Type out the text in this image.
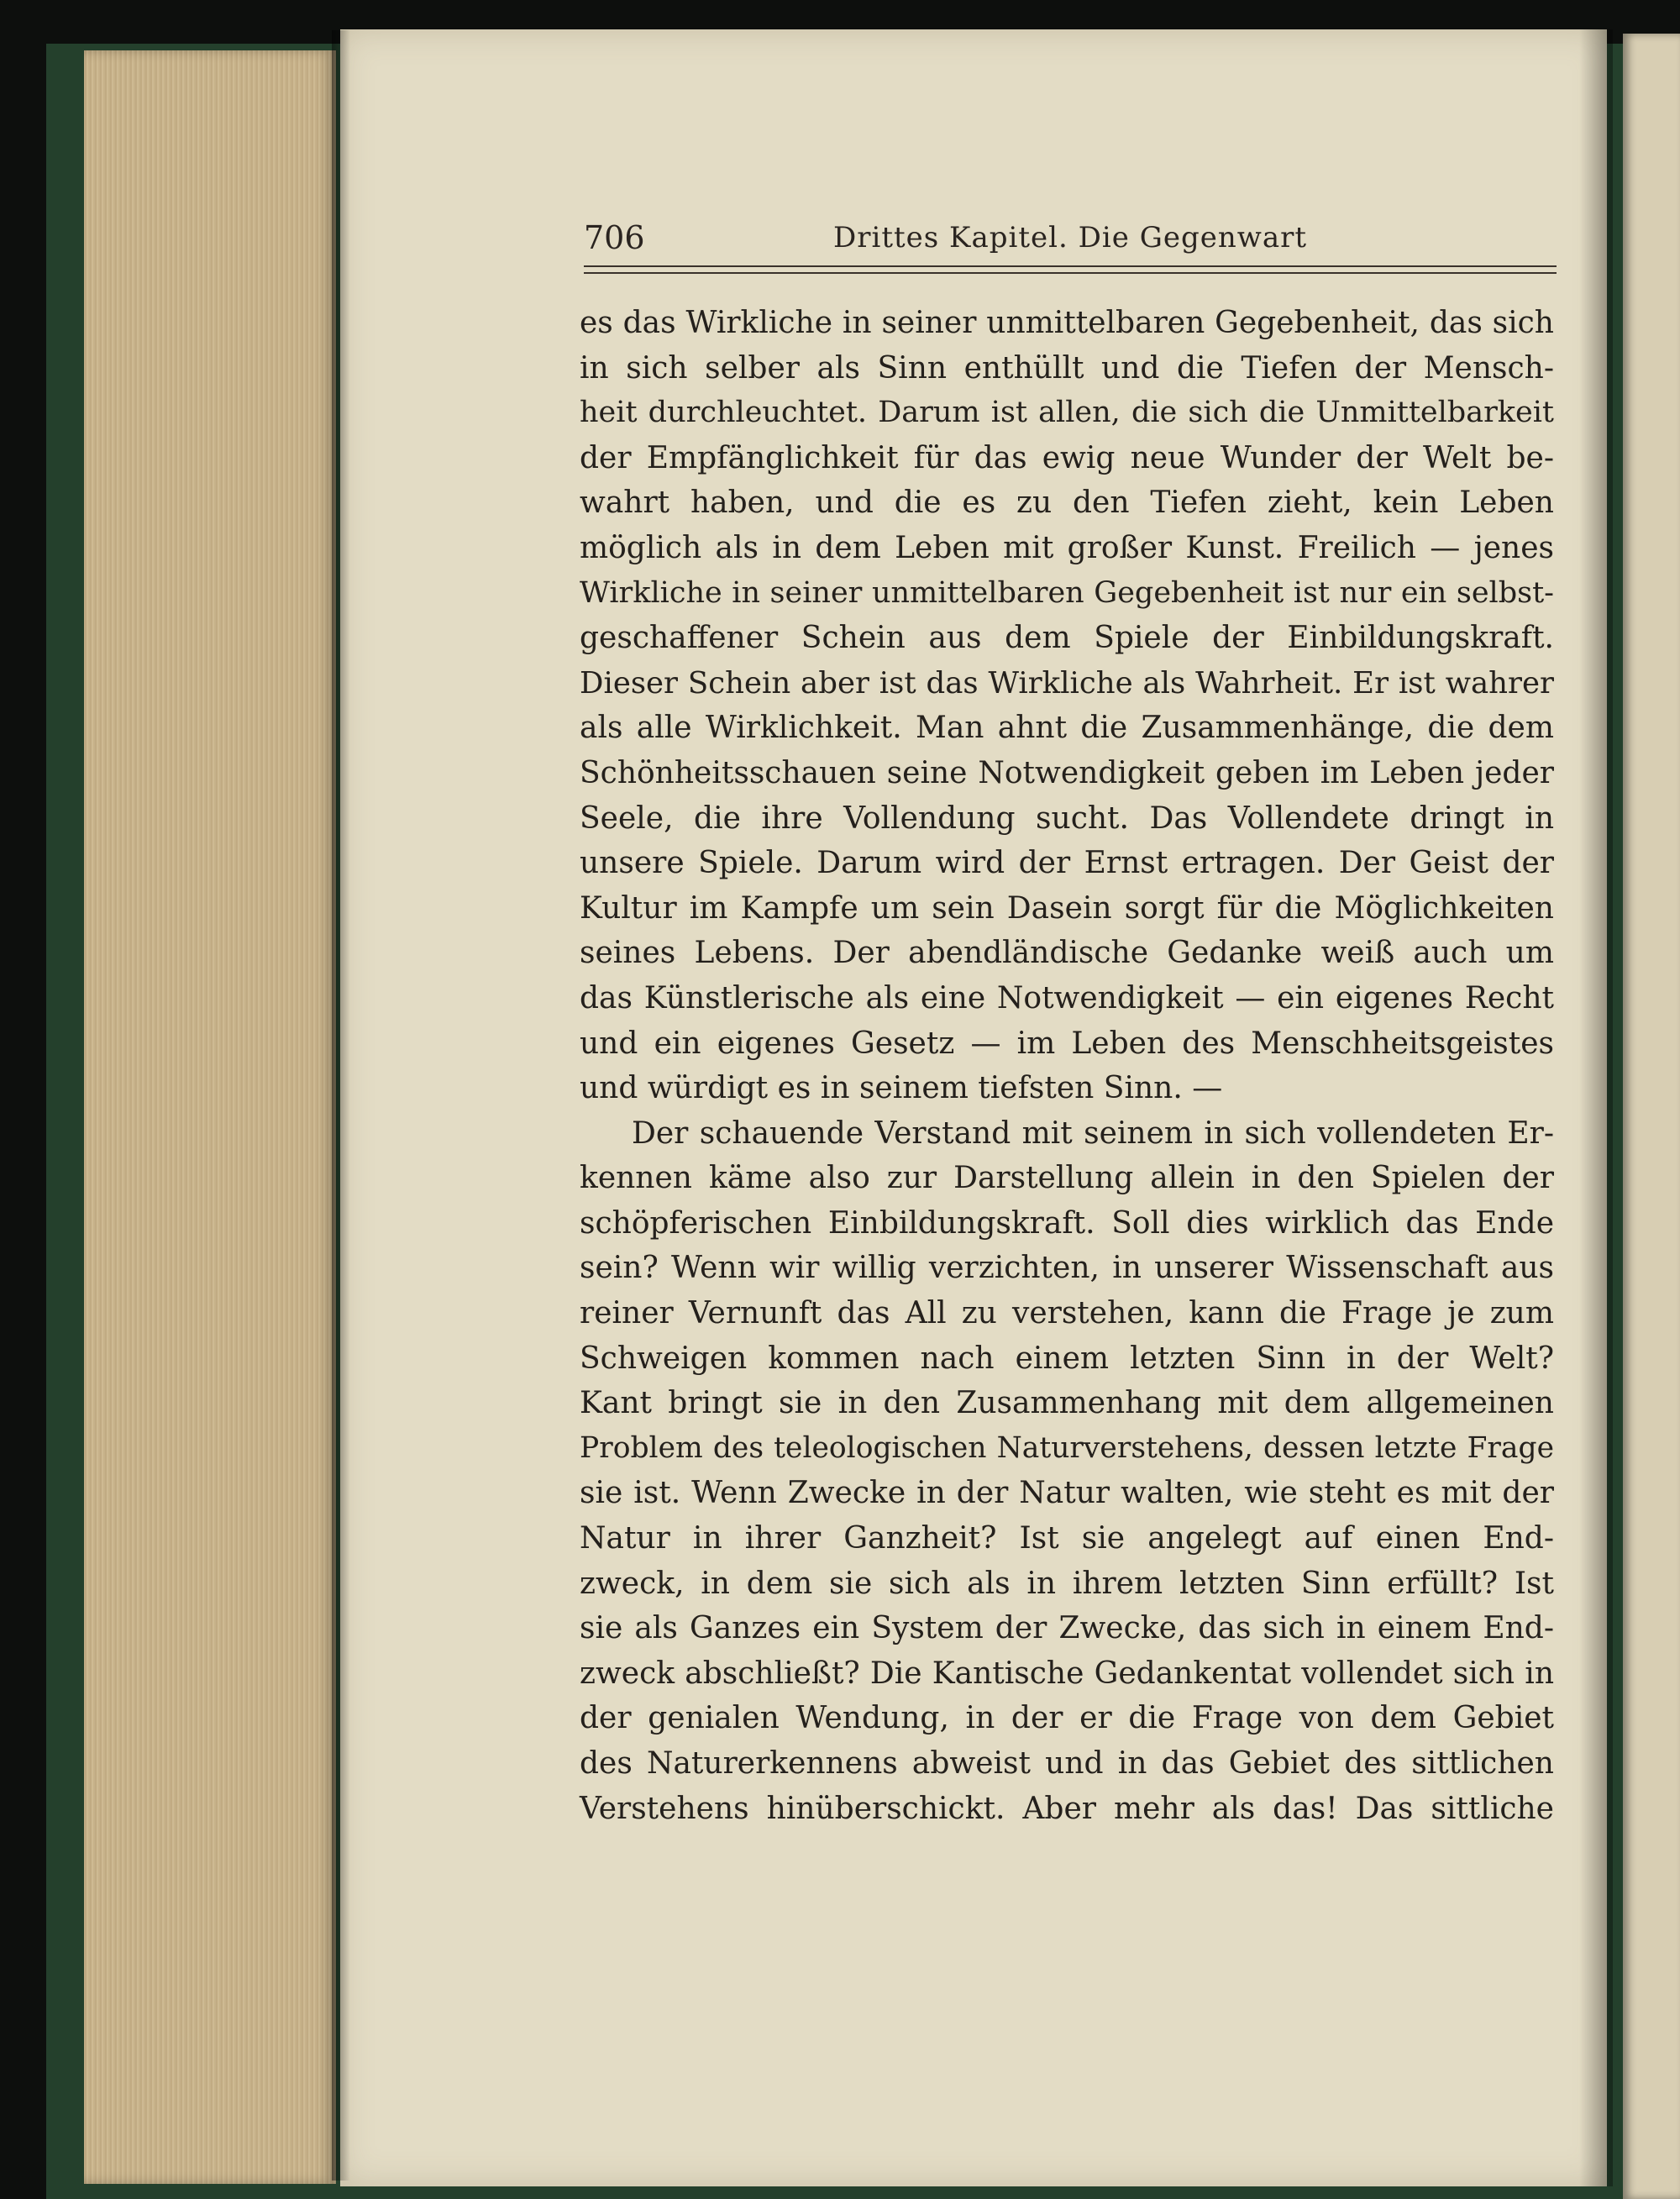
706	Drittes Kapitel. Die Gegenwart
es das Wirkliche in seiner unmittelbaren Gegebenheit, das sich
in sich selber als Sinn enthüllt und die Tiefen der Mensch-
heit durchleuchtet. Darum ist allen, die sich die Unmittelbarkeit
der Empfänglichkeit für das ewig neue Wunder der Welt be-
wahrt haben, und die es zu den Tiefen zieht, kein Leben
möglich als in dem Leben mit großer Kunst. Freilich — jenes
Wirkliche in seiner unmittelbaren Gegebenheit ist nur ein selbst-
geschaffener Schein aus dem Spiele der Einbildungskraft.
Dieser Schein aber ist das Wirkliche als Wahrheit. Er ist wahrer
als alle Wirklichkeit. Man ahnt die Zusammenhänge, die dem
Schönheitsschauen seine Notwendigkeit geben im Leben jeder
Seele, die ihre Vollendung sucht. Das Vollendete dringt in
unsere Spiele. Darum wird der Ernst ertragen. Der Geist der
Kultur im Kampfe um sein Dasein sorgt für die Möglichkeiten
seines Lebens. Der abendländische Gedanke weiß auch um
das Künstlerische als eine Notwendigkeit — ein eigenes Recht
und ein eigenes Gesetz — im Leben des Menschheitsgeistes
und würdigt es in seinem tiefsten Sinn. —
Der schauende Verstand mit seinem in sich vollendeten Er-
kennen käme also zur Darstellung allein in den Spielen der
schöpferischen Einbildungskraft. Soll dies wirklich das Ende
sein? Wenn wir willig verzichten, in unserer Wissenschaft aus
reiner Vernunft das All zu verstehen, kann die Frage je zum
Schweigen kommen nach einem letzten Sinn in der Welt?
Kant bringt sie in den Zusammenhang mit dem allgemeinen
Problem des teleologischen Naturverstehens, dessen letzte Frage
sie ist. Wenn Zwecke in der Natur walten, wie steht es mit der
Natur in ihrer Ganzheit? Ist sie angelegt auf einen End-
zweck, in dem sie sich als in ihrem letzten Sinn erfüllt? Ist
sie als Ganzes ein System der Zwecke, das sich in einem End-
zweck abschließt? Die Kantische Gedankentat vollendet sich in
der genialen Wendung, in der er die Frage von dem Gebiet
des Naturerkennens abweist und in das Gebiet des sittlichen
Verstehens hinüberschickt. Aber mehr als das! Das sittliche
